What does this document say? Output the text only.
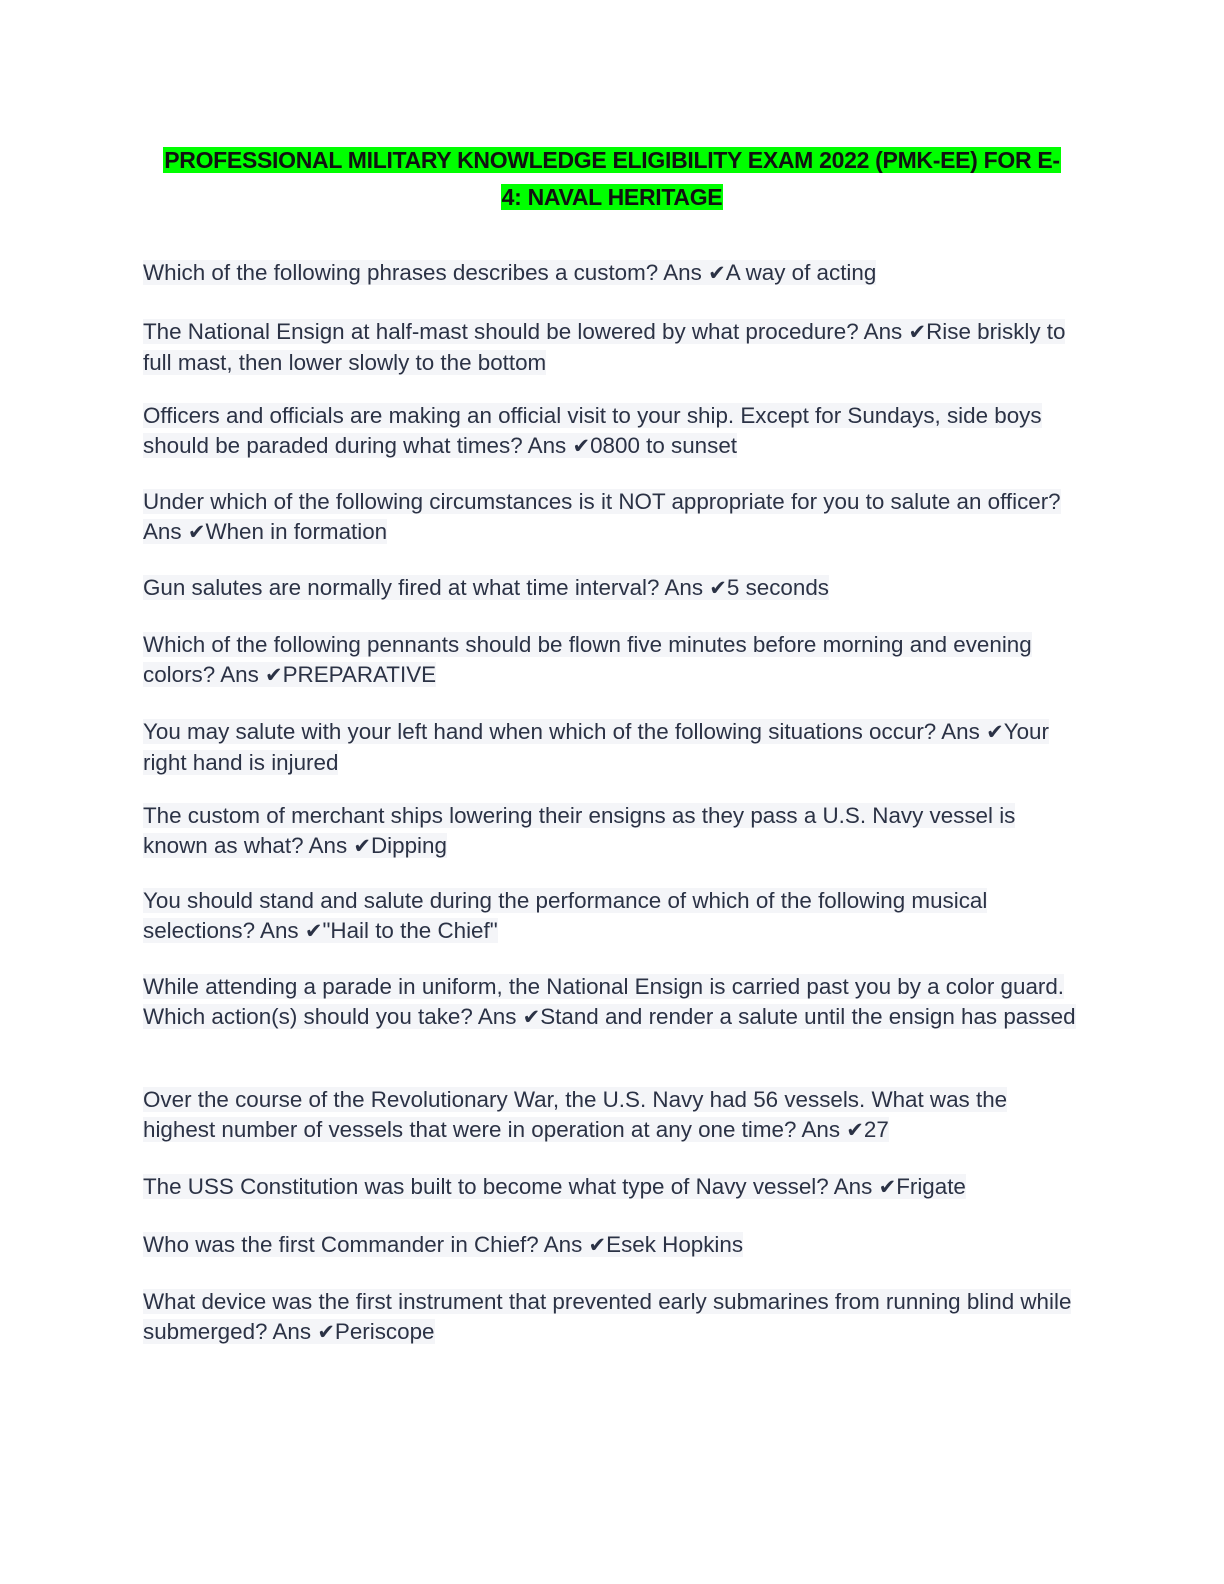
PROFESSIONAL MILITARY KNOWLEDGE ELIGIBILITY EXAM 2022 (PMK-EE) FOR E-
4: NAVAL HERITAGE
Which of the following phrases describes a custom? Ans ✔A way of acting
The National Ensign at half-mast should be lowered by what procedure? Ans ✔Rise briskly to full mast, then lower slowly to the bottom
Officers and officials are making an official visit to your ship. Except for Sundays, side boys should be paraded during what times? Ans ✔0800 to sunset
Under which of the following circumstances is it NOT appropriate for you to salute an officer? Ans ✔When in formation
Gun salutes are normally fired at what time interval? Ans ✔5 seconds
Which of the following pennants should be flown five minutes before morning and evening colors? Ans ✔PREPARATIVE
You may salute with your left hand when which of the following situations occur? Ans ✔Your right hand is injured
The custom of merchant ships lowering their ensigns as they pass a U.S. Navy vessel is known as what? Ans ✔Dipping
You should stand and salute during the performance of which of the following musical selections? Ans ✔"Hail to the Chief"
While attending a parade in uniform, the National Ensign is carried past you by a color guard. Which action(s) should you take? Ans ✔Stand and render a salute until the ensign has passed
Over the course of the Revolutionary War, the U.S. Navy had 56 vessels. What was the highest number of vessels that were in operation at any one time? Ans ✔27
The USS Constitution was built to become what type of Navy vessel? Ans ✔Frigate
Who was the first Commander in Chief? Ans ✔Esek Hopkins
What device was the first instrument that prevented early submarines from running blind while submerged? Ans ✔Periscope
